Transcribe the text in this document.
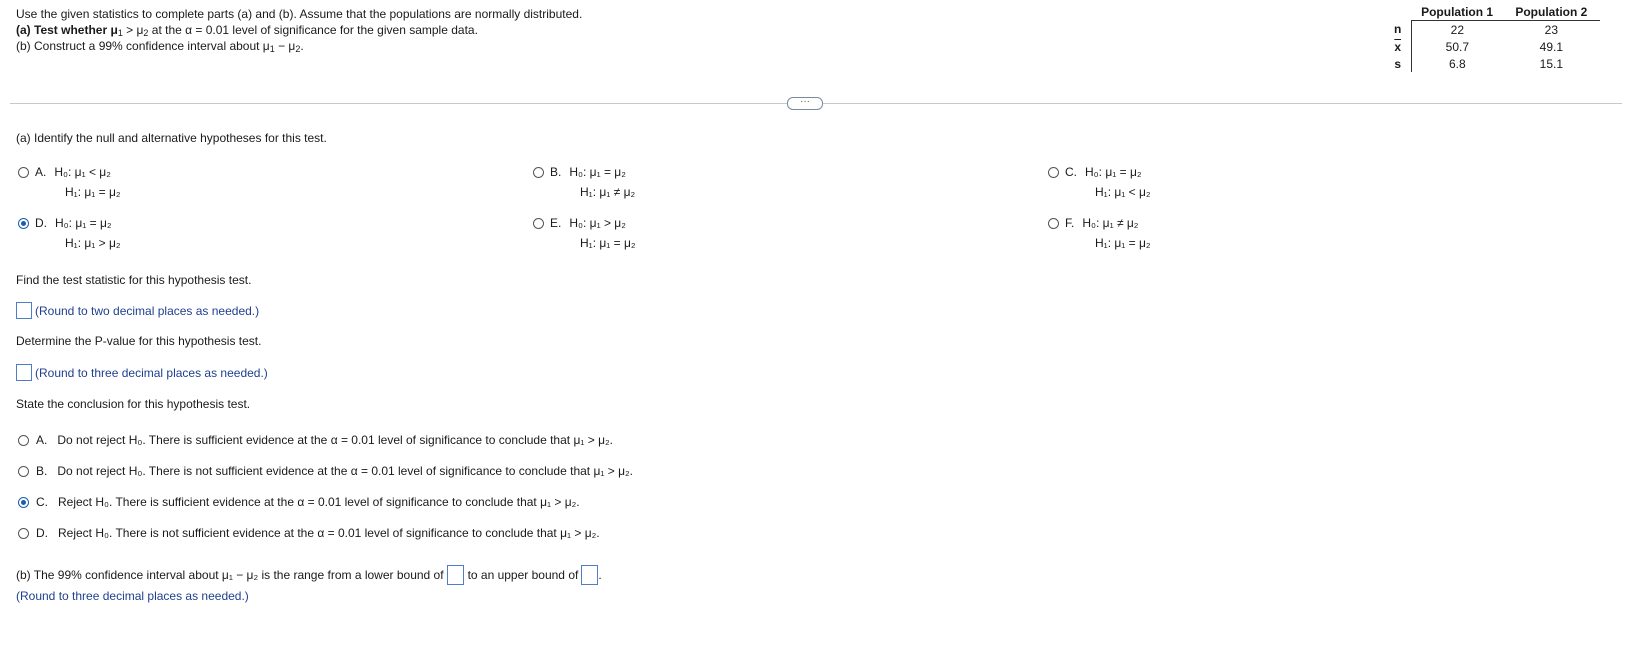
Use the given statistics to complete parts (a) and (b). Assume that the populations are normally distributed.
(a) Test whether $\mu_1 > \mu_2$ at the α = 0.01 level of significance for the given sample data.
(b) Construct a 99% confidence interval about $\mu_1 - \mu_2$.
	Population 1	Population 2
n	22	23
$\overline{x}$	50.7	49.1
s	6.8	15.1
···
(a) Identify the null and alternative hypotheses for this test.
A. H₀: μ₁ < μ₂
H₁: μ₁ = μ₂
B. H₀: μ₁ = μ₂
H₁: μ₁ ≠ μ₂
C. H₀: μ₁ = μ₂
H₁: μ₁ < μ₂
D. H₀: μ₁ = μ₂
H₁: μ₁ > μ₂
E. H₀: μ₁ > μ₂
H₁: μ₁ = μ₂
F. H₀: μ₁ ≠ μ₂
H₁: μ₁ = μ₂
Find the test statistic for this hypothesis test.
(Round to two decimal places as needed.)
Determine the P-value for this hypothesis test.
(Round to three decimal places as needed.)
State the conclusion for this hypothesis test.
A. Do not reject H₀. There is sufficient evidence at the α = 0.01 level of significance to conclude that μ₁ > μ₂.
B. Do not reject H₀. There is not sufficient evidence at the α = 0.01 level of significance to conclude that μ₁ > μ₂.
C. Reject H₀. There is sufficient evidence at the α = 0.01 level of significance to conclude that μ₁ > μ₂.
D. Reject H₀. There is not sufficient evidence at the α = 0.01 level of significance to conclude that μ₁ > μ₂.
(b) The 99% confidence interval about μ₁ − μ₂ is the range from a lower bound of to an upper bound of .
(Round to three decimal places as needed.)
